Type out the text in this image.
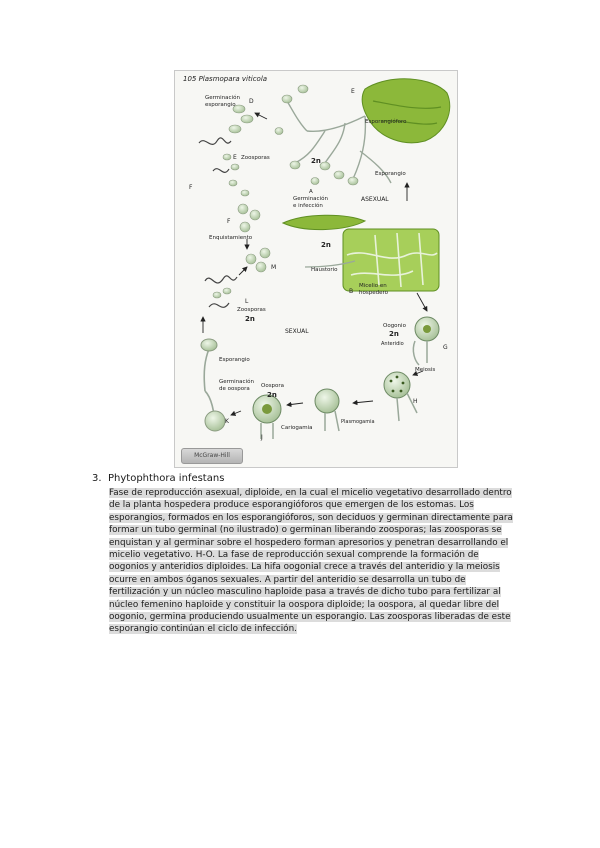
105 Plasmopara viticola
Germinación
esporangio D
E
Esporangióforo
Zoosporas
E
F
2n
Esporangio
A
Germinación
e infección
ASEXUAL
F
Enquistamiento
2n
M	Haustorio
B
Micelio en
hospedero
L
Zoosporas
2n
SEXUAL
Oogonio
2n
Anteridio	G
Esporangio
Meiosis
Germinación
de oospora Oospora
2n
H
Plasmogamia
Cariogamia
J
K
McGraw-Hill
3. Phytophthora infestans
Fase de reproducción asexual, diploide, en la cual el micelio vegetativo desarrollado dentro
de la planta hospedera produce esporangióforos que emergen de los estomas. Los
esporangios, formados en los esporangióforos, son deciduos y germinan directamente para
formar un tubo germinal (no ilustrado) o germinan liberando zoosporas; las zoosporas se
enquistan y al germinar sobre el hospedero forman apresorios y penetran desarrollando el
micelio vegetativo. H-O. La fase de reproducción sexual comprende la formación de
oogonios y anteridios diploides. La hifa oogonial crece a través del anteridio y la meiosis
ocurre en ambos óganos sexuales. A partir del anteridio se desarrolla un tubo de
fertilización y un núcleo masculino haploide pasa a través de dicho tubo para fertilizar al
núcleo femenino haploide y constituir la oospora diploide; la oospora, al quedar libre del
oogonio, germina produciendo usualmente un esporangio. Las zoosporas liberadas de este
esporangio continúan el ciclo de infección.
